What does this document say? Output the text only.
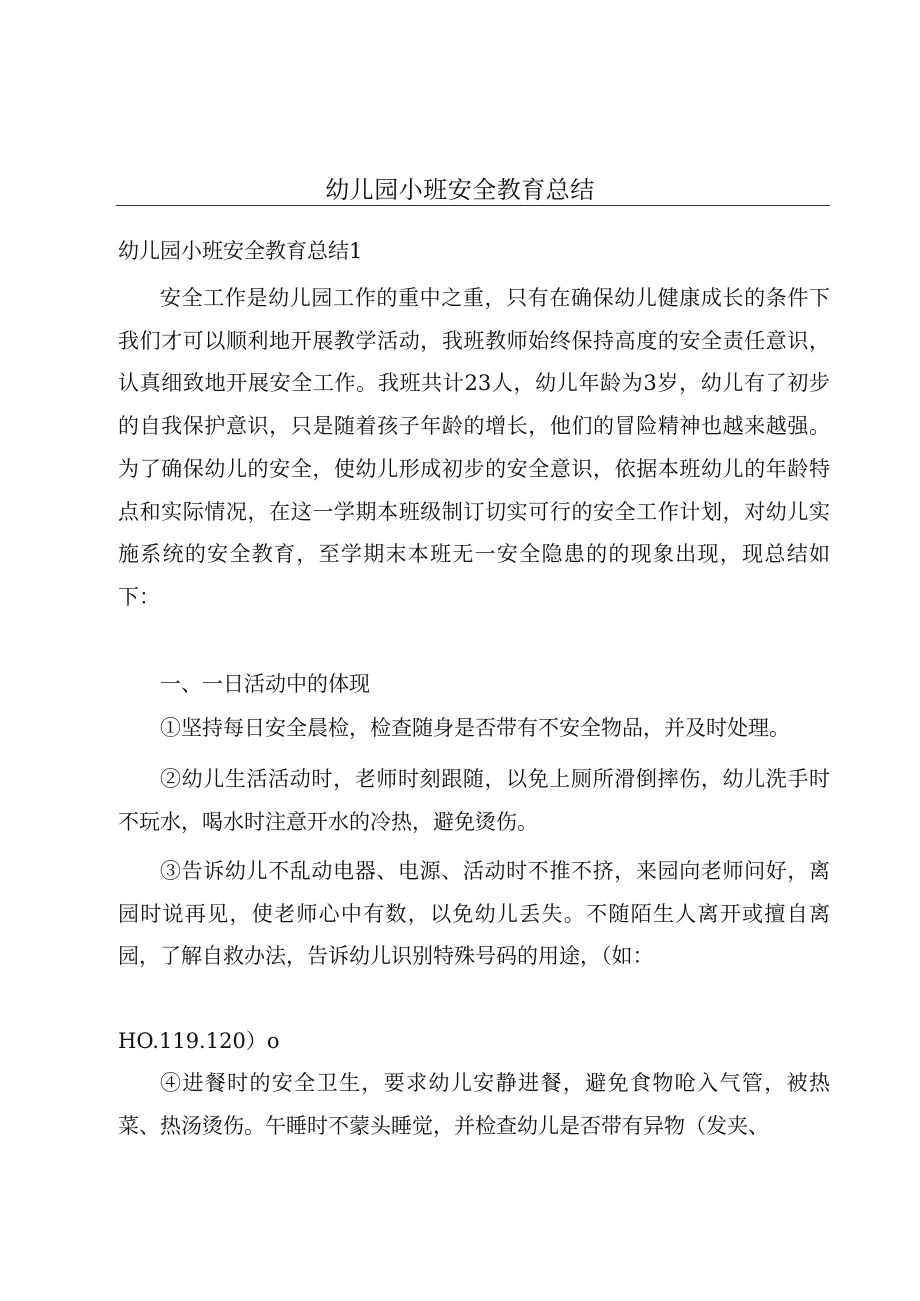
幼儿园小班安全教育总结
幼儿园小班安全教育总结1

安全工作是幼儿园工作的重中之重，只有在确保幼儿健康成长的条件下我们才可以顺利地开展教学活动，我班教师始终保持高度的安全责任意识，认真细致地开展安全工作。我班共计23人，幼儿年龄为3岁，幼儿有了初步的自我保护意识，只是随着孩子年龄的增长，他们的冒险精神也越来越强。为了确保幼儿的安全，使幼儿形成初步的安全意识，依据本班幼儿的年龄特点和实际情况，在这一学期本班级制订切实可行的安全工作计划，对幼儿实施系统的安全教育，至学期末本班无一安全隐患的的现象出现，现总结如下：

一、一日活动中的体现

①坚持每日安全晨检，检查随身是否带有不安全物品，并及时处理。

②幼儿生活活动时，老师时刻跟随，以免上厕所滑倒摔伤，幼儿洗手时不玩水，喝水时注意开水的冷热，避免烫伤。

③告诉幼儿不乱动电器、电源、活动时不推不挤，来园向老师问好，离园时说再见，使老师心中有数，以免幼儿丢失。不随陌生人离开或擅自离园，了解自救办法，告诉幼儿识别特殊号码的用途，（如：

HO.119.120）o

④进餐时的安全卫生，要求幼儿安静进餐，避免食物呛入气管，被热菜、热汤烫伤。午睡时不蒙头睡觉，并检查幼儿是否带有异物（发夹、
